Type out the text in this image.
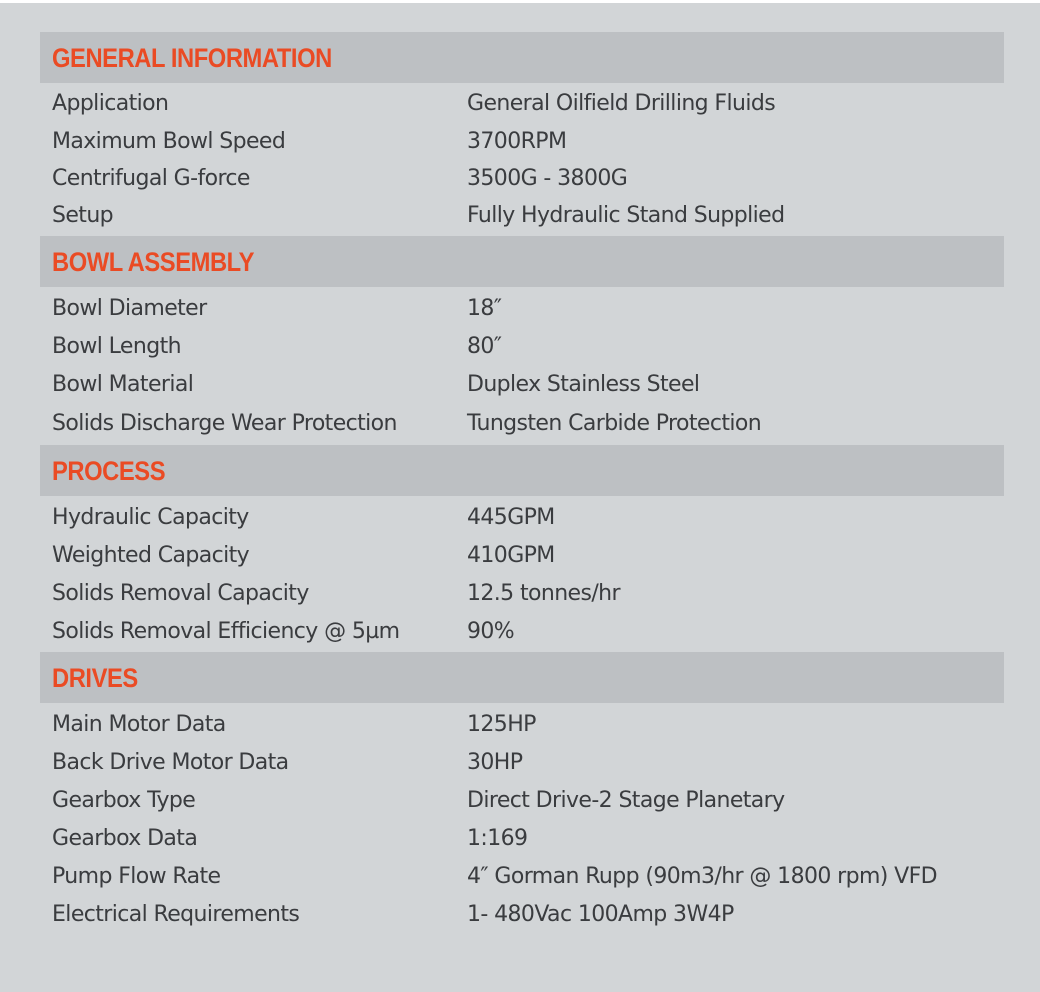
GENERAL INFORMATION
Application	General Oilfield Drilling Fluids
Maximum Bowl Speed	3700RPM
Centrifugal G-force	3500G - 3800G
Setup	Fully Hydraulic Stand Supplied
BOWL ASSEMBLY
Bowl Diameter	18″
Bowl Length	80″
Bowl Material	Duplex Stainless Steel
Solids Discharge Wear Protection	Tungsten Carbide Protection
PROCESS
Hydraulic Capacity	445GPM
Weighted Capacity	410GPM
Solids Removal Capacity	12.5 tonnes/hr
Solids Removal Efficiency @ 5µm	90%
DRIVES
Main Motor Data	125HP
Back Drive Motor Data	30HP
Gearbox Type	Direct Drive-2 Stage Planetary
Gearbox Data	1:169
Pump Flow Rate	4″ Gorman Rupp (90m3/hr @ 1800 rpm) VFD
Electrical Requirements	1- 480Vac 100Amp 3W4P
